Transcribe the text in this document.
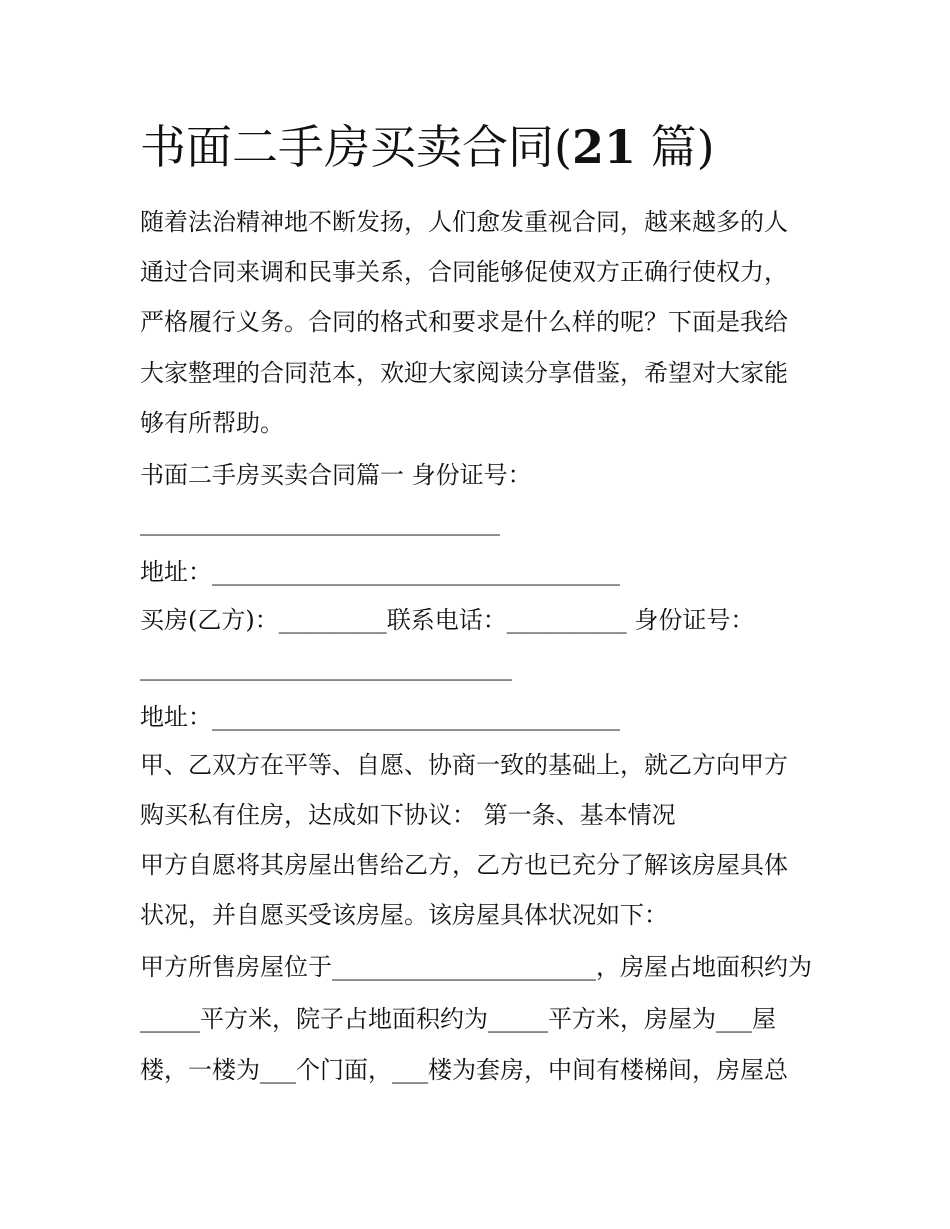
书面二手房买卖合同(21 篇)

随着法治精神地不断发扬，人们愈发重视合同，越来越多的人

通过合同来调和民事关系，合同能够促使双方正确行使权力，

严格履行义务。合同的格式和要求是什么样的呢？下面是我给

大家整理的合同范本，欢迎大家阅读分享借鉴，希望对大家能

够有所帮助。

书面二手房买卖合同篇一 身份证号：

______________________________

地址：__________________________________

买房(乙方)：_________联系电话：__________ 身份证号：

_______________________________

地址：__________________________________

甲、乙双方在平等、自愿、协商一致的基础上，就乙方向甲方

购买私有住房，达成如下协议： 第一条、基本情况

甲方自愿将其房屋出售给乙方，乙方也已充分了解该房屋具体

状况，并自愿买受该房屋。该房屋具体状况如下：

甲方所售房屋位于______________________，房屋占地面积约为

_____平方米，院子占地面积约为_____平方米，房屋为___屋

楼，一楼为___个门面，___楼为套房，中间有楼梯间，房屋总
